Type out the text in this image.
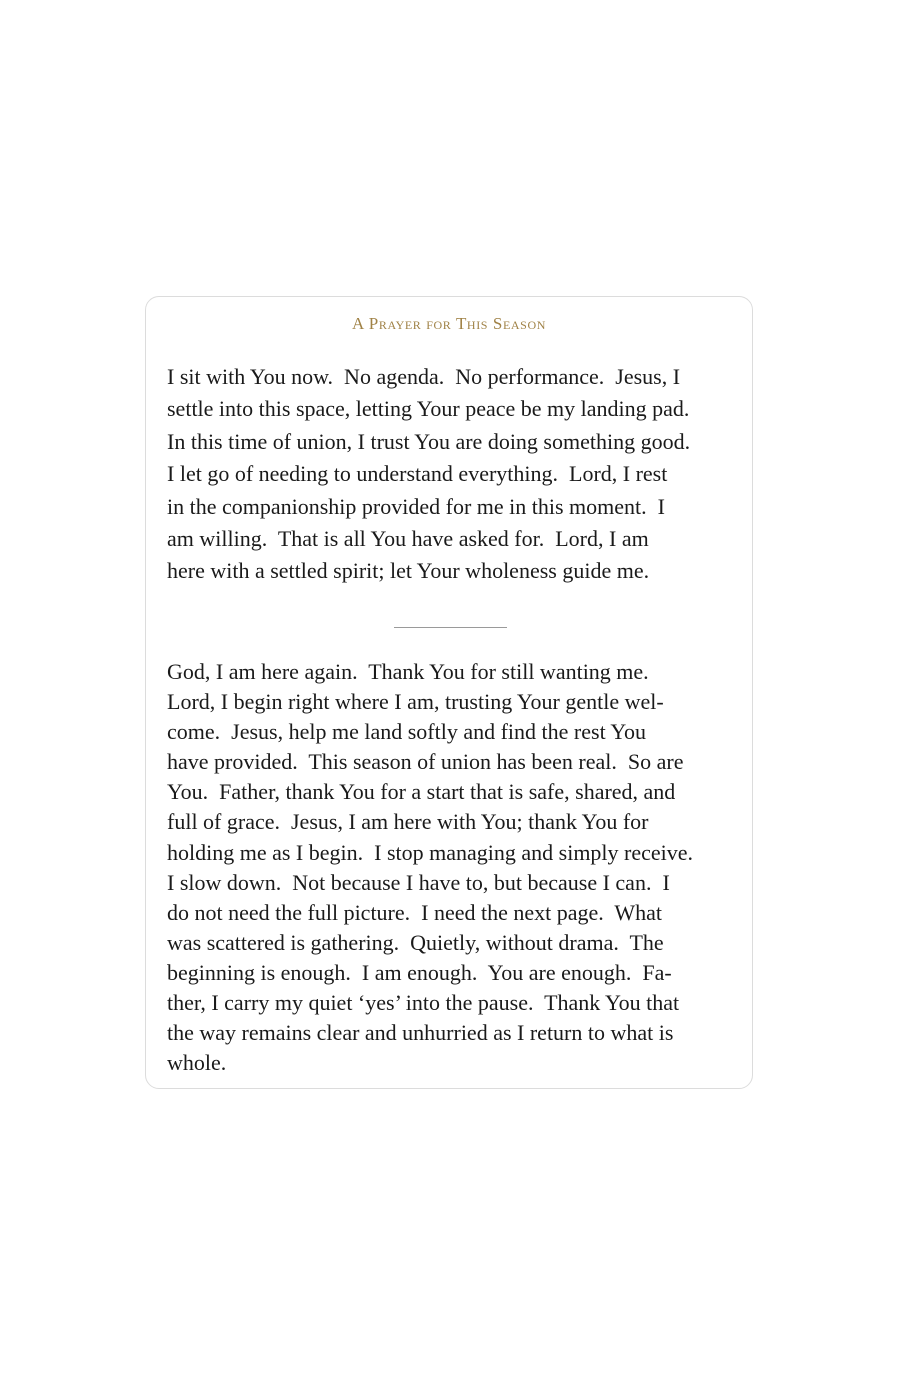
A Prayer for This Season

I sit with You now.  No agenda.  No performance.  Jesus, I
settle into this space, letting Your peace be my landing pad.
In this time of union, I trust You are doing something good.
I let go of needing to understand everything.  Lord, I rest
in the companionship provided for me in this moment.  I
am willing.  That is all You have asked for.  Lord, I am
here with a settled spirit; let Your wholeness guide me.

God, I am here again.  Thank You for still wanting me.
Lord, I begin right where I am, trusting Your gentle wel-
come.  Jesus, help me land softly and find the rest You
have provided.  This season of union has been real.  So are
You.  Father, thank You for a start that is safe, shared, and
full of grace.  Jesus, I am here with You; thank You for
holding me as I begin.  I stop managing and simply receive.
I slow down.  Not because I have to, but because I can.  I
do not need the full picture.  I need the next page.  What
was scattered is gathering.  Quietly, without drama.  The
beginning is enough.  I am enough.  You are enough.  Fa-
ther, I carry my quiet ‘yes’ into the pause.  Thank You that
the way remains clear and unhurried as I return to what is
whole.
